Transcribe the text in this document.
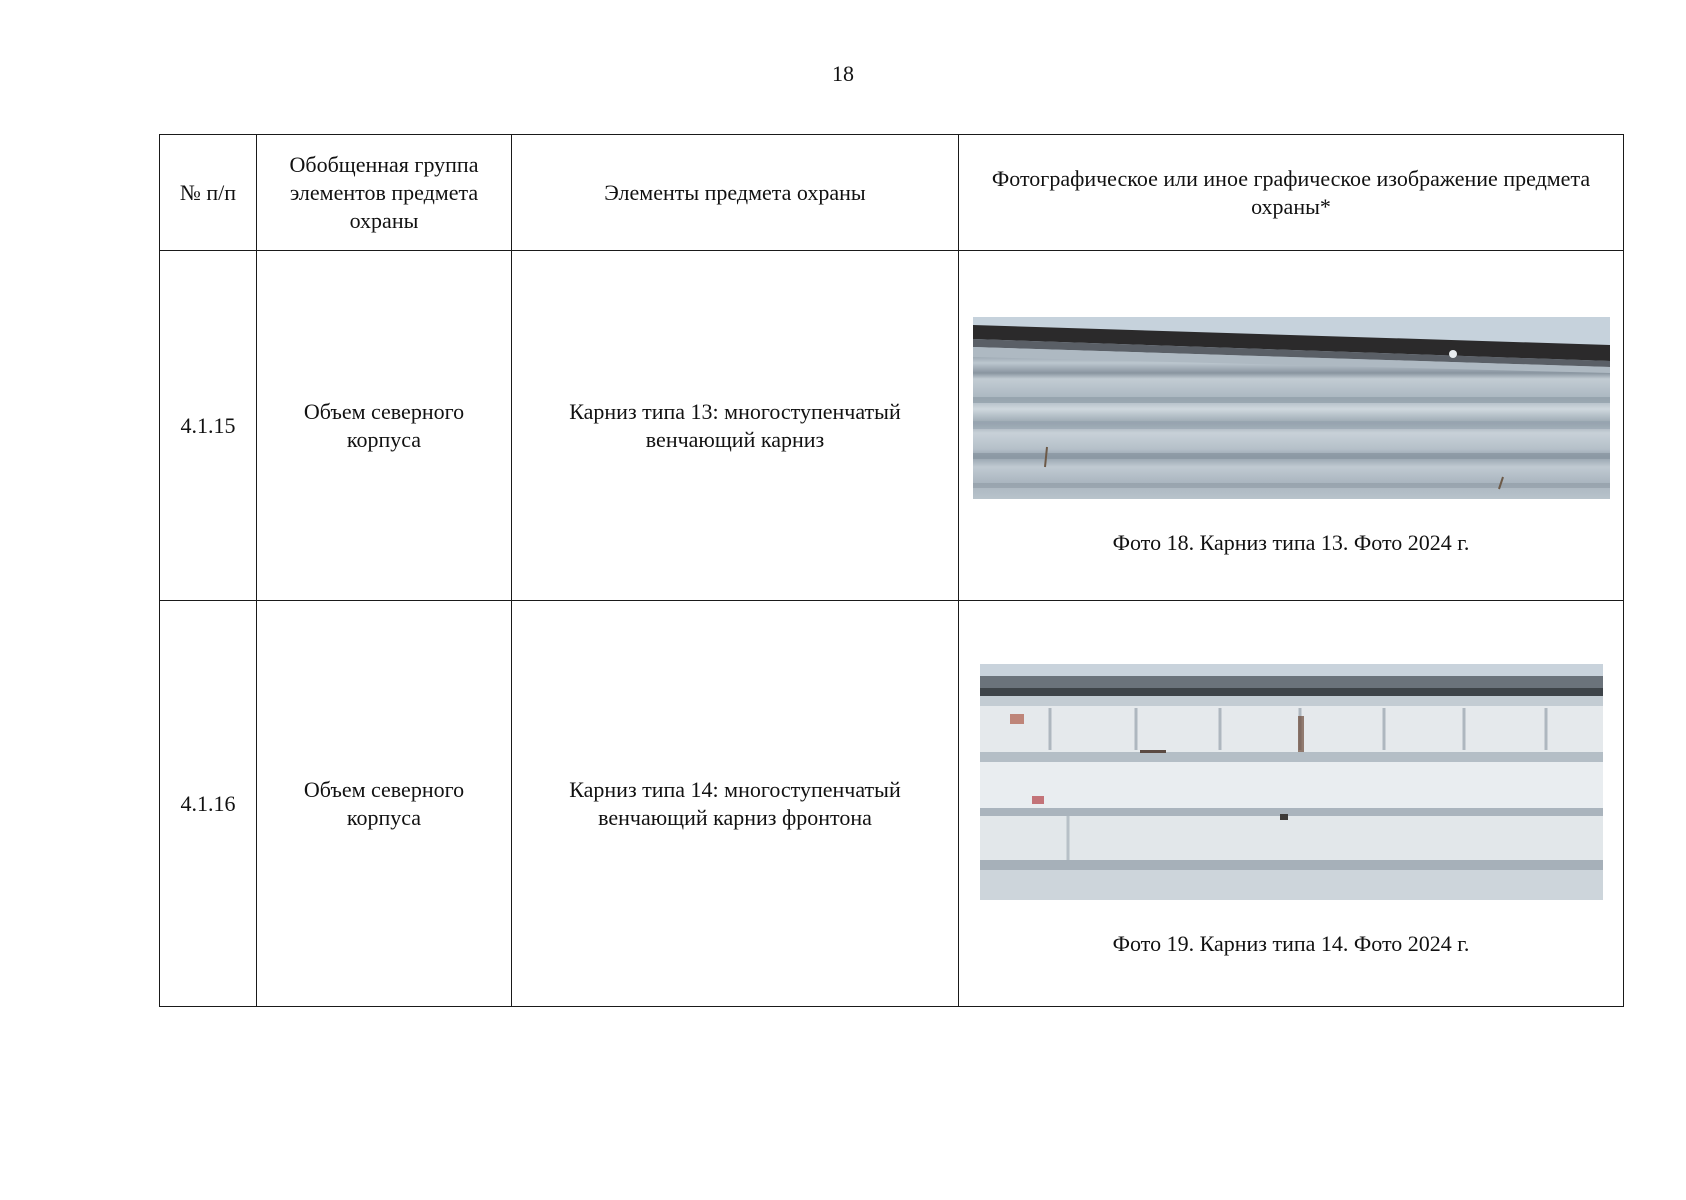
18
№ п/п	Обобщенная группа элементов предмета охраны	Элементы предмета охраны	Фотографическое или иное графическое изображение предмета охраны*
4.1.15	Объем северного корпуса	Карниз типа 13: многоступенчатый венчающий карниз	Фото 18. Карниз типа 13. Фото 2024 г.

4.1.16	Объем северного корпуса	Карниз типа 14: многоступенчатый венчающий карниз фронтона	Фото 19. Карниз типа 14. Фото 2024 г.
